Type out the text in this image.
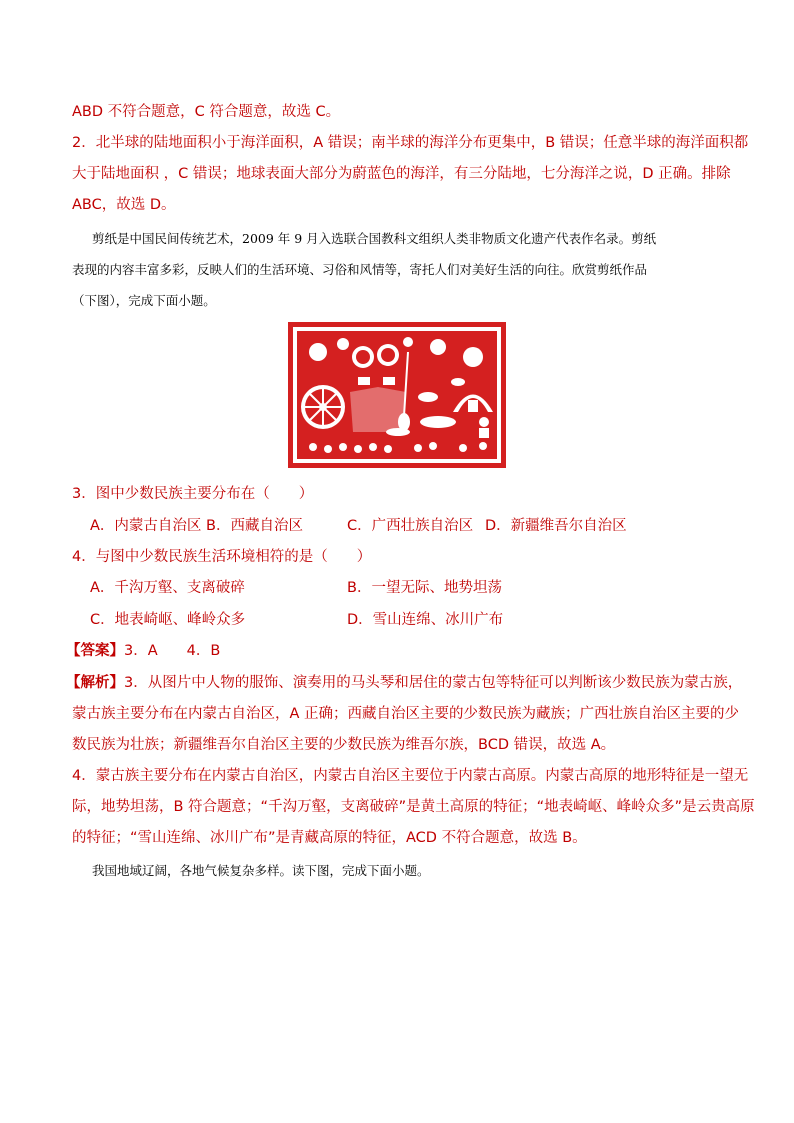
ABD 不符合题意，C 符合题意，故选 C。
2．北半球的陆地面积小于海洋面积，A 错误；南半球的海洋分布更集中，B 错误；任意半球的海洋面积都
大于陆地面积 ，C 错误；地球表面大部分为蔚蓝色的海洋，有三分陆地，七分海洋之说，D 正确。排除
ABC，故选 D。
剪纸是中国民间传统艺术，2009 年 9 月入选联合国教科文组织人类非物质文化遗产代表作名录。剪纸
表现的内容丰富多彩，反映人们的生活环境、习俗和风情等，寄托人们对美好生活的向往。欣赏剪纸作品
（下图），完成下面小题。
3．图中少数民族主要分布在（　　）
A．内蒙古自治区 B．西藏自治区	C．广西壮族自治区 D．新疆维吾尔自治区
4．与图中少数民族生活环境相符的是（　　）
A．千沟万壑、支离破碎	B．一望无际、地势坦荡
C．地表崎岖、峰岭众多	D．雪山连绵、冰川广布
【答案】3．A　　4．B
【解析】3．从图片中人物的服饰、演奏用的马头琴和居住的蒙古包等特征可以判断该少数民族为蒙古族，
蒙古族主要分布在内蒙古自治区，A 正确；西藏自治区主要的少数民族为藏族；广西壮族自治区主要的少
数民族为壮族；新疆维吾尔自治区主要的少数民族为维吾尔族，BCD 错误，故选 A。
4．蒙古族主要分布在内蒙古自治区，内蒙古自治区主要位于内蒙古高原。内蒙古高原的地形特征是一望无
际，地势坦荡，B 符合题意；“千沟万壑，支离破碎”是黄土高原的特征；“地表崎岖、峰岭众多”是云贵高原
的特征；“雪山连绵、冰川广布”是青藏高原的特征，ACD 不符合题意，故选 B。
我国地域辽阔，各地气候复杂多样。读下图，完成下面小题。
